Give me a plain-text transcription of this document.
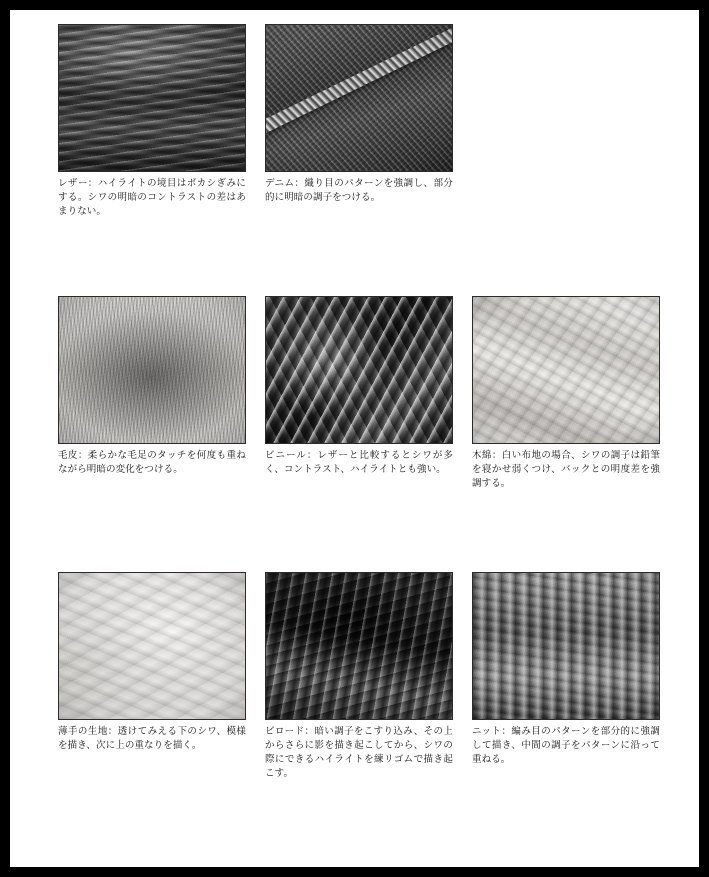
レザー：ハイライトの境目はボカシぎみにする。シワの明暗のコントラストの差はあまりない。
デニム：織り目のパターンを強調し、部分的に明暗の調子をつける。
毛皮：柔らかな毛足のタッチを何度も重ねながら明暗の変化をつける。
ビニール：レザーと比較するとシワが多く、コントラスト、ハイライトとも強い。
木綿：白い布地の場合、シワの調子は鉛筆を寝かせ弱くつけ、バックとの明度差を強調する。
薄手の生地：透けてみえる下のシワ、模様を描き、次に上の重なりを描く。
ビロード：暗い調子をこすり込み、その上からさらに影を描き起こしてから、シワの際にできるハイライトを練リゴムで描き起こす。
ニット：編み目のパターンを部分的に強調して描き、中間の調子をパターンに沿って重ねる。
